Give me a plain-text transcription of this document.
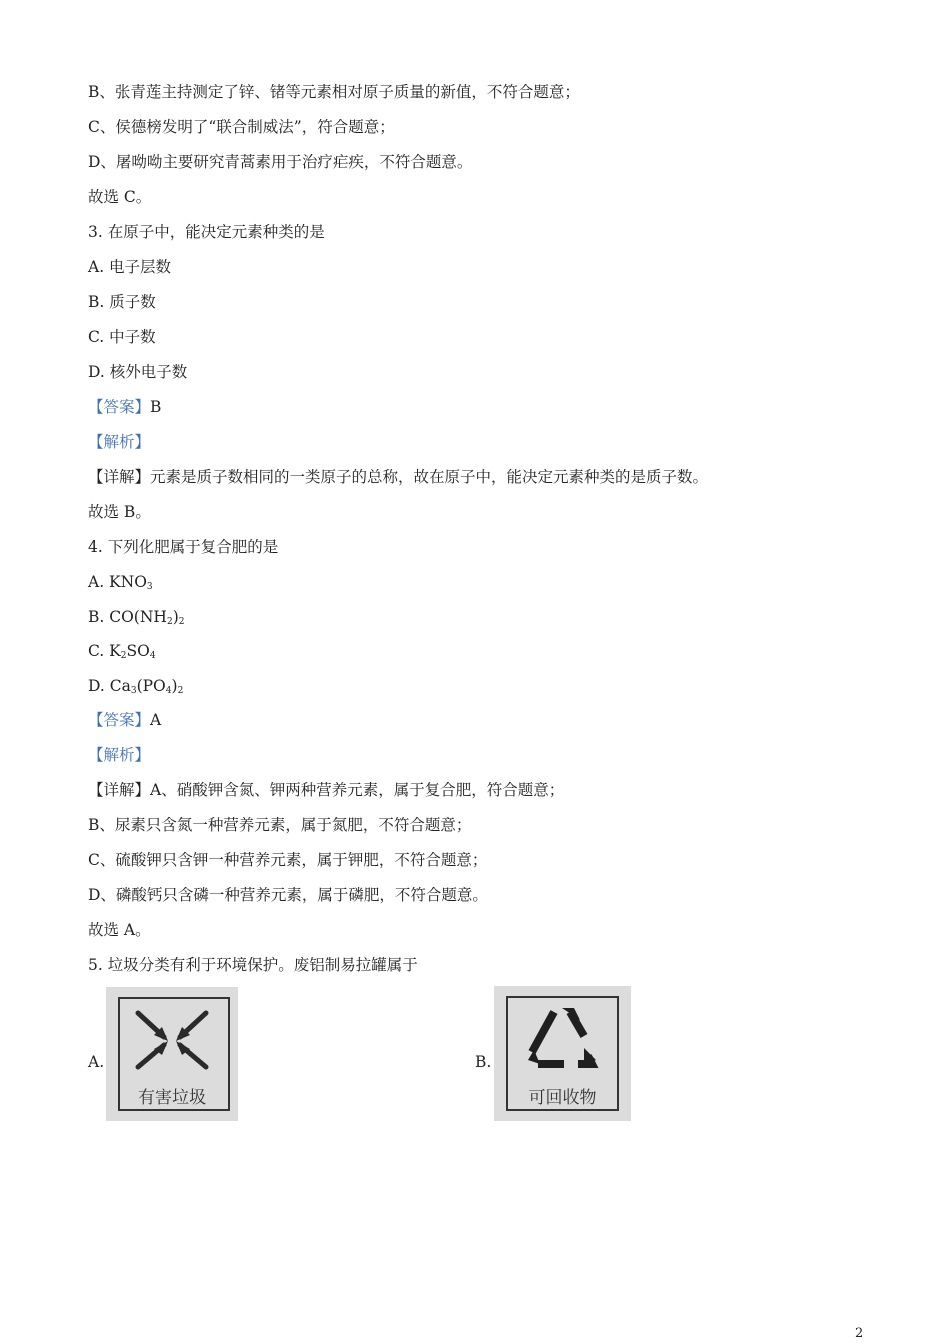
B、张青莲主持测定了锌、锗等元素相对原子质量的新值，不符合题意；
C、侯德榜发明了“联合制威法”，符合题意；
D、屠呦呦主要研究青蒿素用于治疗疟疾，不符合题意。
故选 C。
3. 在原子中，能决定元素种类的是
A. 电子层数
B. 质子数
C. 中子数
D. 核外电子数
【答案】B
【解析】
【详解】元素是质子数相同的一类原子的总称，故在原子中，能决定元素种类的是质子数。
故选 B。
4. 下列化肥属于复合肥的是
A. $KNO_3$
B. $CO(NH_2)_2$
C. $K_2SO_4$
D. $Ca_3(PO_4)_2$
【答案】A
【解析】
【详解】A、硝酸钾含氮、钾两种营养元素，属于复合肥，符合题意；
B、尿素只含氮一种营养元素，属于氮肥，不符合题意；
C、硫酸钾只含钾一种营养元素，属于钾肥，不符合题意；
D、磷酸钙只含磷一种营养元素，属于磷肥，不符合题意。
故选 A。
5. 垃圾分类有利于环境保护。废铝制易拉罐属于
A.
有害垃圾
B.
可回收物
2
